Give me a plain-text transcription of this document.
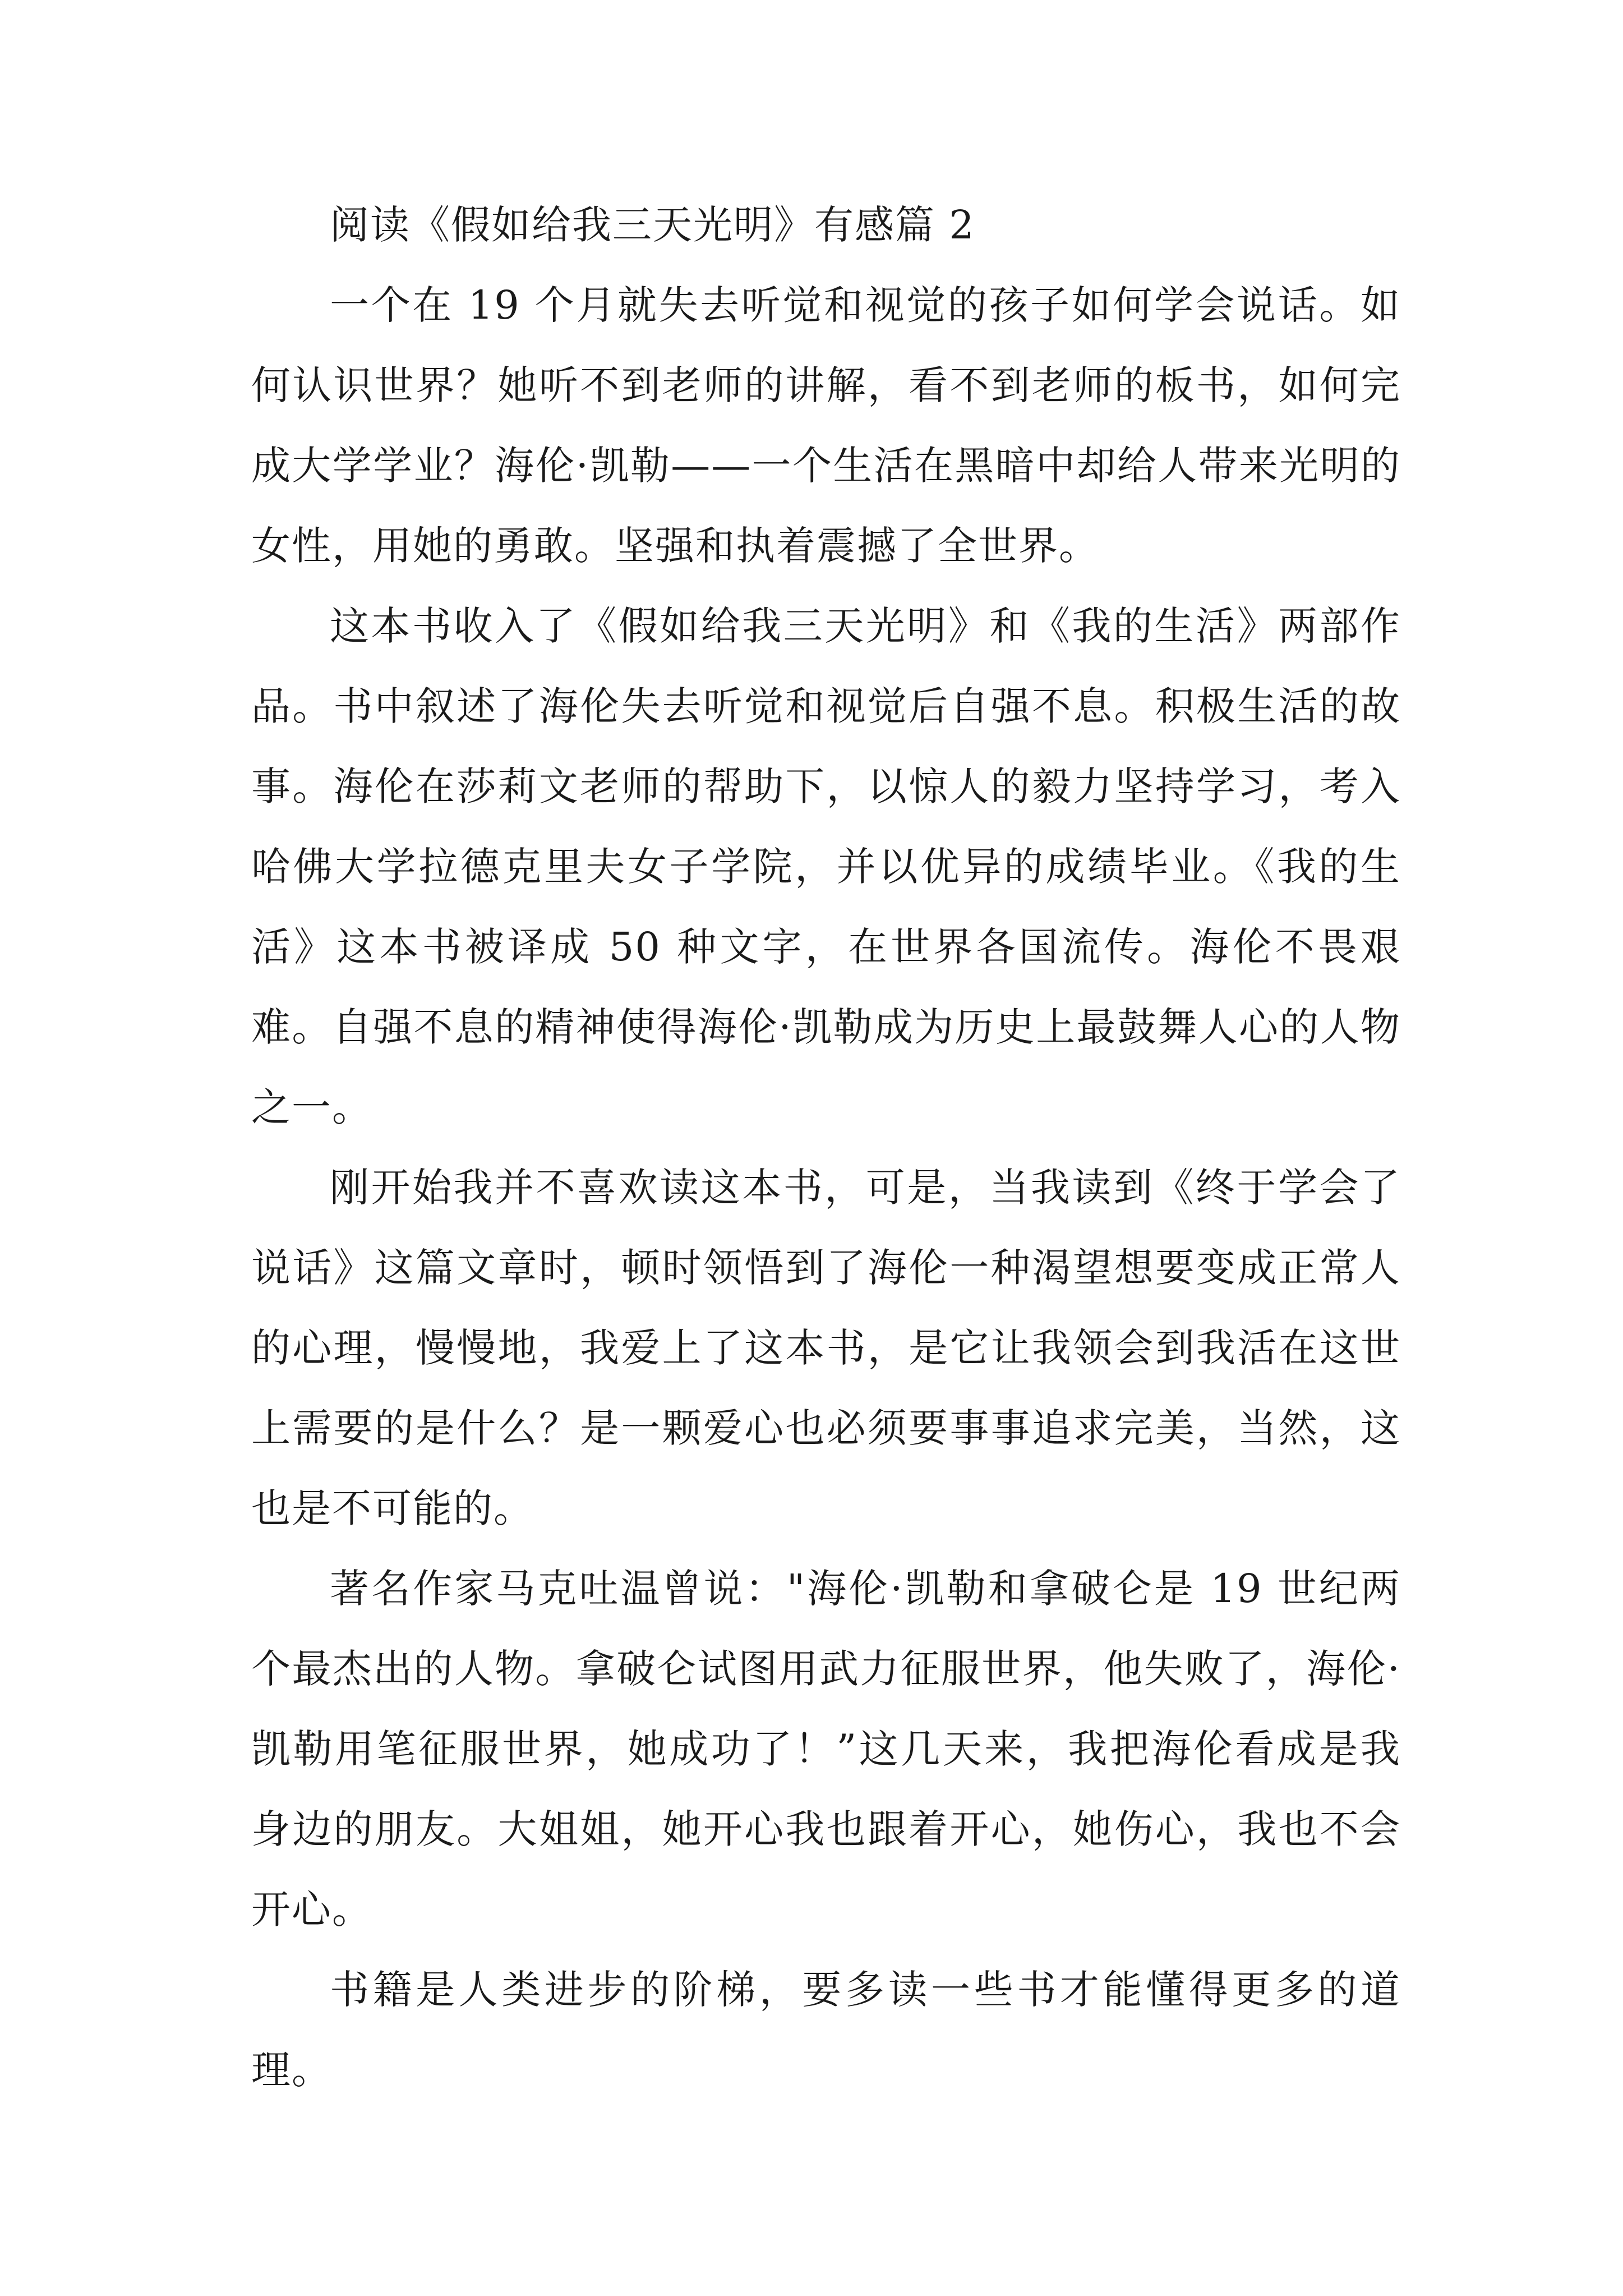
阅读《假如给我三天光明》有感篇 2

一个在 19 个月就失去听觉和视觉的孩子如何学会说话。如何认识世界？她听不到老师的讲解，看不到老师的板书，如何完成大学学业？海伦·凯勒——一个生活在黑暗中却给人带来光明的女性，用她的勇敢。坚强和执着震撼了全世界。

这本书收入了《假如给我三天光明》和《我的生活》两部作品。书中叙述了海伦失去听觉和视觉后自强不息。积极生活的故事。海伦在莎莉文老师的帮助下，以惊人的毅力坚持学习，考入哈佛大学拉德克里夫女子学院，并以优异的成绩毕业。《我的生活》这本书被译成 50 种文字，在世界各国流传。海伦不畏艰难。自强不息的精神使得海伦·凯勒成为历史上最鼓舞人心的人物之一。

刚开始我并不喜欢读这本书，可是，当我读到《终于学会了说话》这篇文章时，顿时领悟到了海伦一种渴望想要变成正常人的心理，慢慢地，我爱上了这本书，是它让我领会到我活在这世上需要的是什么？是一颗爱心也必须要事事追求完美，当然，这也是不可能的。

著名作家马克吐温曾说："海伦·凯勒和拿破仑是 19 世纪两个最杰出的人物。拿破仑试图用武力征服世界，他失败了，海伦·凯勒用笔征服世界，她成功了！”这几天来，我把海伦看成是我身边的朋友。大姐姐，她开心我也跟着开心，她伤心，我也不会开心。

书籍是人类进步的阶梯，要多读一些书才能懂得更多的道理。
